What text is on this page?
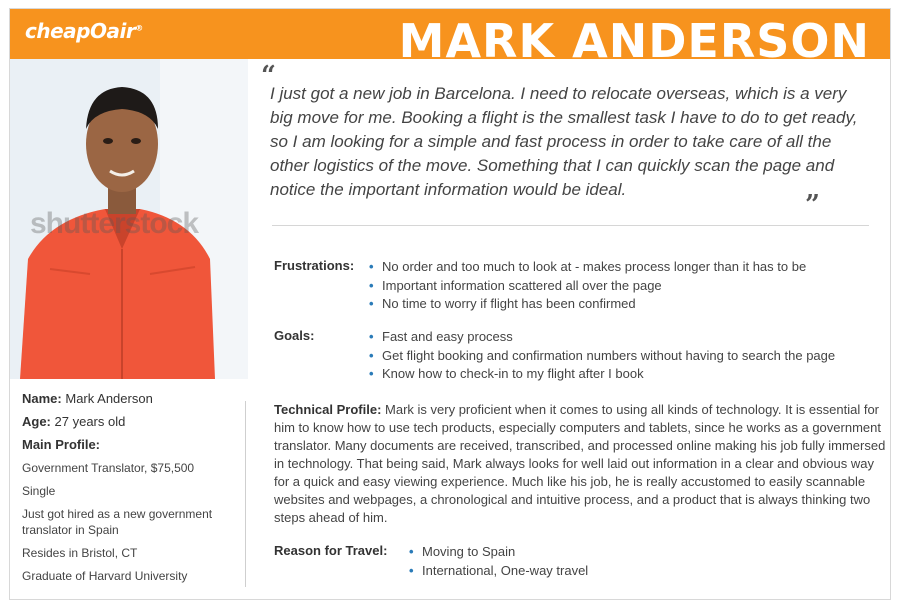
cheapOair®	MARK ANDERSON
shutterstock

Name: Mark Anderson

Age: 27 years old

Main Profile:

Government Translator, $75,500

Single

Just got hired as a new government translator in Spain

Resides in Bristol, CT

Graduate of Harvard University

“
I just got a new job in Barcelona. I need to relocate overseas, which is a very big move for me. Booking a flight is the smallest task I have to do to get ready, so I am looking for a simple and fast process in order to take care of all the other logistics of the move. Something that I can quickly scan the page and notice the important information would be ideal.
”
Frustrations:	• No order and too much to look at - makes process longer than it has to be
• Important information scattered all over the page
• No time to worry if flight has been confirmed
Goals:	• Fast and easy process
• Get flight booking and confirmation numbers without having to search the page
• Know how to check-in to my flight after I book
Technical Profile: Mark is very proficient when it comes to using all kinds of technology. It is essential for him to know how to use tech products, especially computers and tablets, since he works as a government translator. Many documents are received, transcribed, and processed online making his job fully immersed in technology. That being said, Mark always looks for well laid out information in a clear and obvious way for a quick and easy viewing experience. Much like his job, he is really accustomed to easily scannable websites and webpages, a chronological and intuitive process, and a product that is always thinking two steps ahead of him.
Reason for Travel:	• Moving to Spain
• International, One-way travel
